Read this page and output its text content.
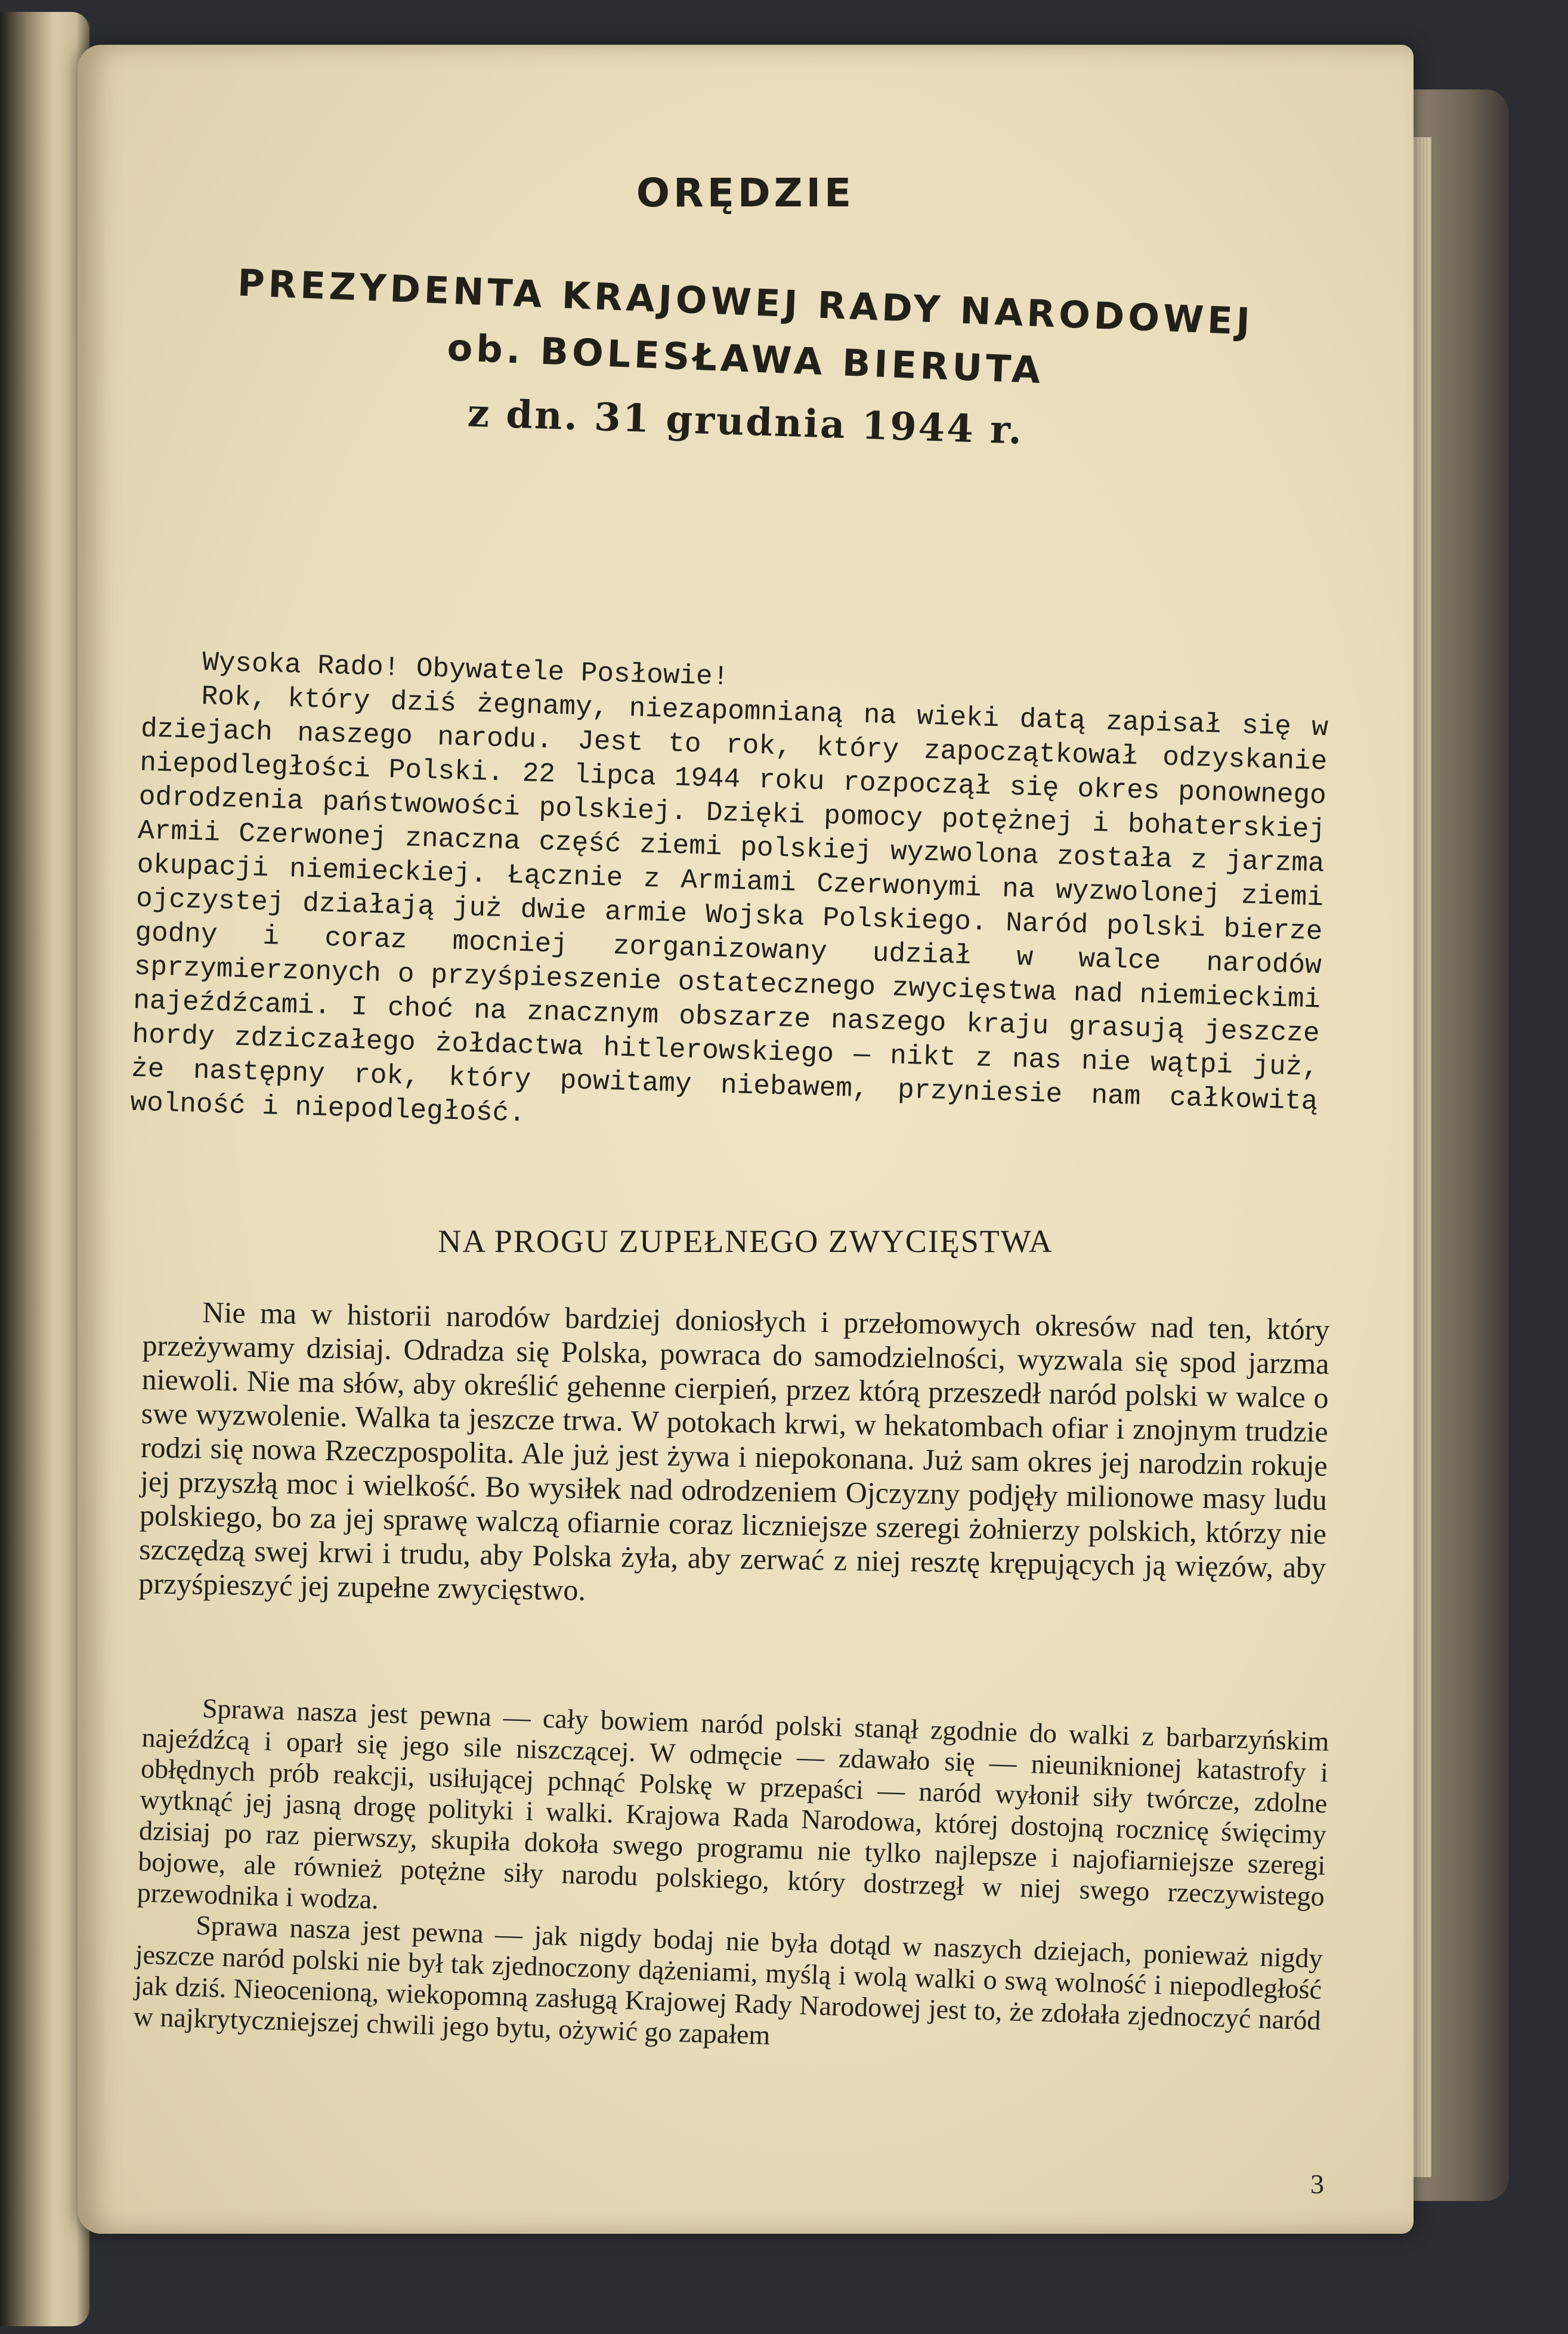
ORĘDZIE
PREZYDENTA KRAJOWEJ RADY NARODOWEJ
ob. BOLESŁAWA BIERUTA
z dn. 31 grudnia 1944 r.

Wysoka Rado! Obywatele Posłowie!

Rok, który dziś żegnamy, niezapomnianą na wieki datą zapisał się w dziejach naszego narodu. Jest to rok, który zapoczątkował odzyskanie niepodległości Polski. 22 lipca 1944 roku rozpoczął się okres ponownego odrodzenia państwowości polskiej. Dzięki pomocy potężnej i bohaterskiej Armii Czerwonej znaczna część ziemi polskiej wyzwolona została z jarzma okupacji niemieckiej. Łącznie z Armiami Czerwonymi na wyzwolonej ziemi ojczystej działają już dwie armie Wojska Polskiego. Naród polski bierze godny i coraz mocniej zorganizowany udział w walce narodów sprzymierzonych o przyśpieszenie ostatecznego zwycięstwa nad niemieckimi najeźdźcami. I choć na znacznym obszarze naszego kraju grasują jeszcze hordy zdziczałego żołdactwa hitlerowskiego — nikt z nas nie wątpi już, że następny rok, który powitamy niebawem, przyniesie nam całkowitą wolność i niepodległość.

NA PROGU ZUPEŁNEGO ZWYCIĘSTWA

Nie ma w historii narodów bardziej doniosłych i przełomowych okresów nad ten, który przeżywamy dzisiaj. Odradza się Polska, powraca do samodzielności, wyzwala się spod jarzma niewoli. Nie ma słów, aby określić gehenne cierpień, przez którą przeszedł naród polski w walce o swe wyzwolenie. Walka ta jeszcze trwa. W potokach krwi, w hekatombach ofiar i znojnym trudzie rodzi się nowa Rzeczpospolita. Ale już jest żywa i niepokonana. Już sam okres jej narodzin rokuje jej przyszłą moc i wielkość. Bo wysiłek nad odrodzeniem Ojczyzny podjęły milionowe masy ludu polskiego, bo za jej sprawę walczą ofiarnie coraz liczniejsze szeregi żołnierzy polskich, którzy nie szczędzą swej krwi i trudu, aby Polska żyła, aby zerwać z niej resztę krępujących ją więzów, aby przyśpieszyć jej zupełne zwycięstwo.

Sprawa nasza jest pewna — cały bowiem naród polski stanął zgodnie do walki z barbarzyńskim najeźdźcą i oparł się jego sile niszczącej. W odmęcie — zdawało się — nieuniknionej katastrofy i obłędnych prób reakcji, usiłującej pchnąć Polskę w przepaści — naród wyłonił siły twórcze, zdolne wytknąć jej jasną drogę polityki i walki. Krajowa Rada Narodowa, której dostojną rocznicę święcimy dzisiaj po raz pierwszy, skupiła dokoła swego programu nie tylko najlepsze i najofiarniejsze szeregi bojowe, ale również potężne siły narodu polskiego, który dostrzegł w niej swego rzeczywistego przewodnika i wodza.

Sprawa nasza jest pewna — jak nigdy bodaj nie była dotąd w naszych dziejach, ponieważ nigdy jeszcze naród polski nie był tak zjednoczony dążeniami, myślą i wolą walki o swą wolność i niepodległość jak dziś. Nieocenioną, wiekopomną zasługą Krajowej Rady Narodowej jest to, że zdołała zjednoczyć naród w najkrytyczniejszej chwili jego bytu, ożywić go zapałem

3
